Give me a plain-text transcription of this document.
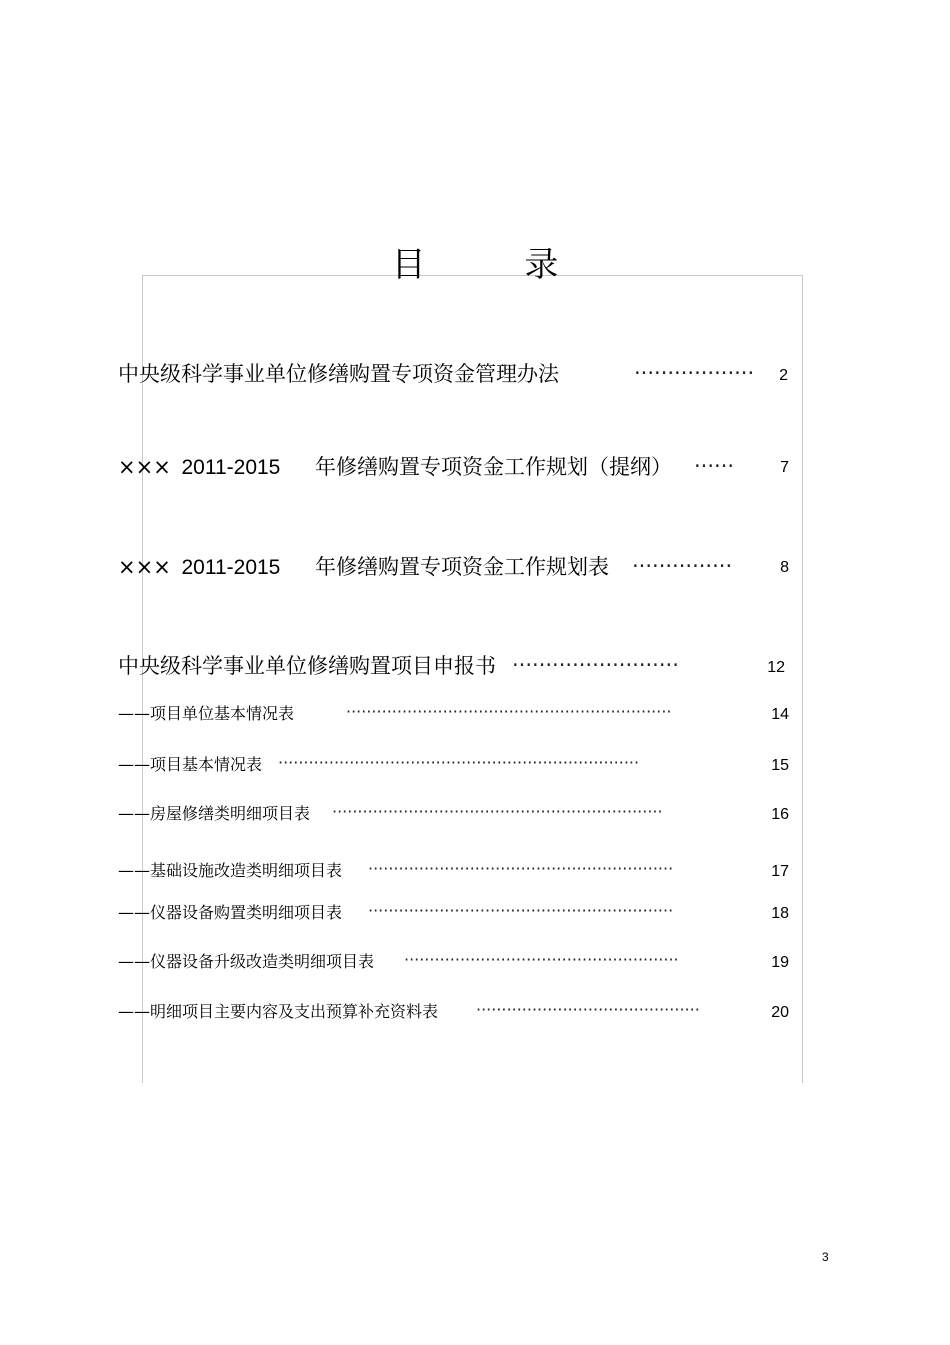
目 录
中央级科学事业单位修缮购置专项资金管理办法	··················	2
××× 2011-2015 年修缮购置专项资金工作规划（提纲） ······	7
××× 2011-2015 年修缮购置专项资金工作规划表 ···············	8
中央级科学事业单位修缮购置项目申报书 ·························	12
——项目单位基本情况表	································································	14
——项目基本情况表 ·······································································	15
——房屋修缮类明细项目表 ·································································	16
——基础设施改造类明细项目表 ····························································	17
——仪器设备购置类明细项目表 ····························································	18
——仪器设备升级改造类明细项目表 ······················································	19
——明细项目主要内容及支出预算补充资料表 ············································	20
3
